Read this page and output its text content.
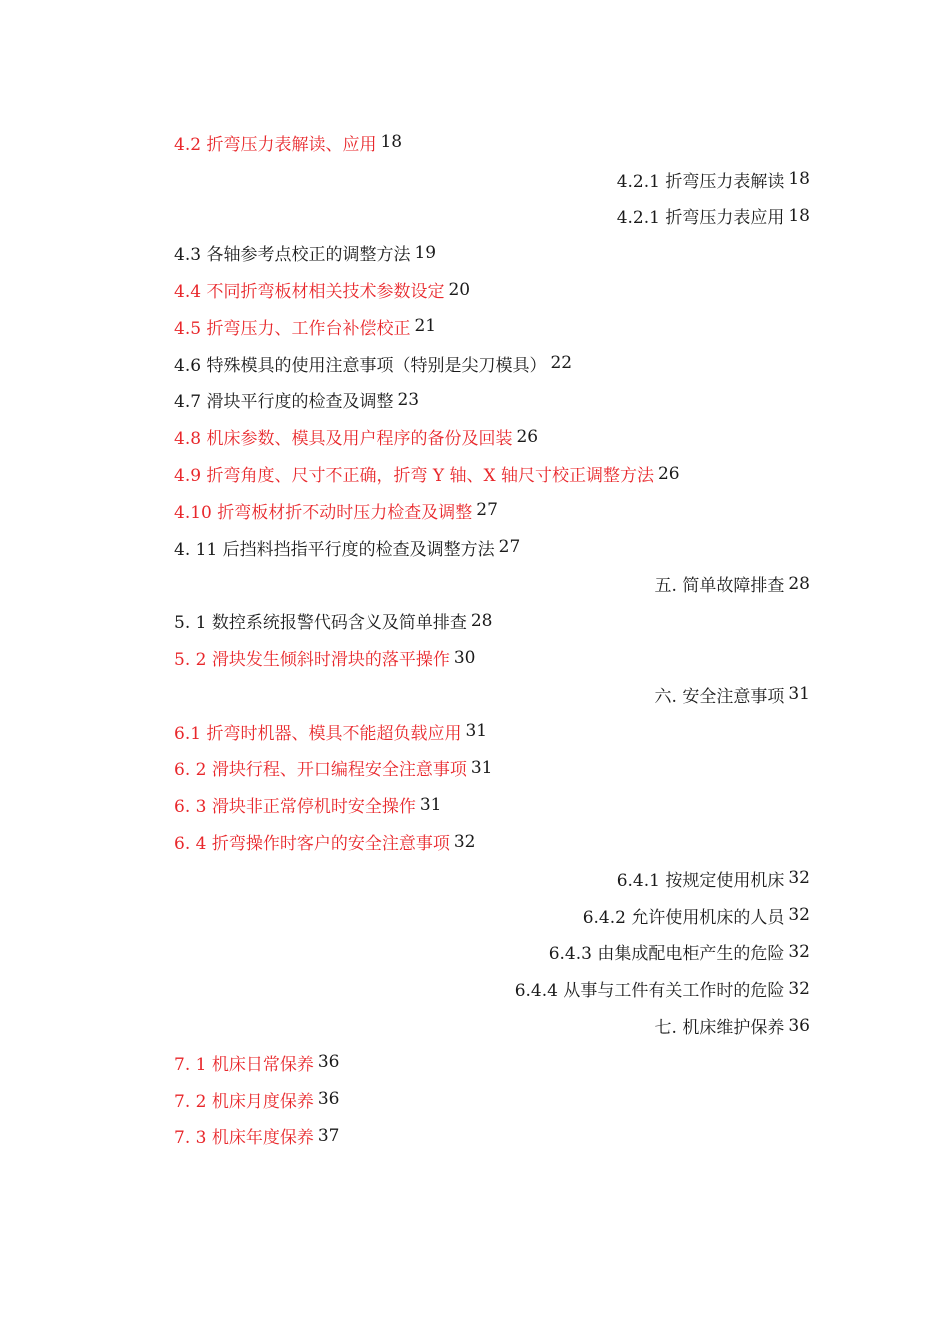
4.2 折弯压力表解读、应用 18
4.2.1 折弯压力表解读 18
4.2.1 折弯压力表应用 18
4.3 各轴参考点校正的调整方法 19
4.4 不同折弯板材相关技术参数设定 20
4.5 折弯压力、工作台补偿校正 21
4.6 特殊模具的使用注意事项（特别是尖刀模具） 22
4.7 滑块平行度的检查及调整 23
4.8 机床参数、模具及用户程序的备份及回装 26
4.9 折弯角度、尺寸不正确，折弯 Y 轴、X 轴尺寸校正调整方法 26
4.10 折弯板材折不动时压力检查及调整 27
4. 11 后挡料挡指平行度的检查及调整方法 27
五. 简单故障排查 28
5. 1 数控系统报警代码含义及简单排查 28
5. 2 滑块发生倾斜时滑块的落平操作 30
六. 安全注意事项 31
6.1 折弯时机器、模具不能超负载应用 31
6. 2 滑块行程、开口编程安全注意事项 31
6. 3 滑块非正常停机时安全操作 31
6. 4 折弯操作时客户的安全注意事项 32
6.4.1 按规定使用机床 32
6.4.2 允许使用机床的人员 32
6.4.3 由集成配电柜产生的危险 32
6.4.4 从事与工件有关工作时的危险 32
七. 机床维护保养 36
7. 1 机床日常保养 36
7. 2 机床月度保养 36
7. 3 机床年度保养 37
